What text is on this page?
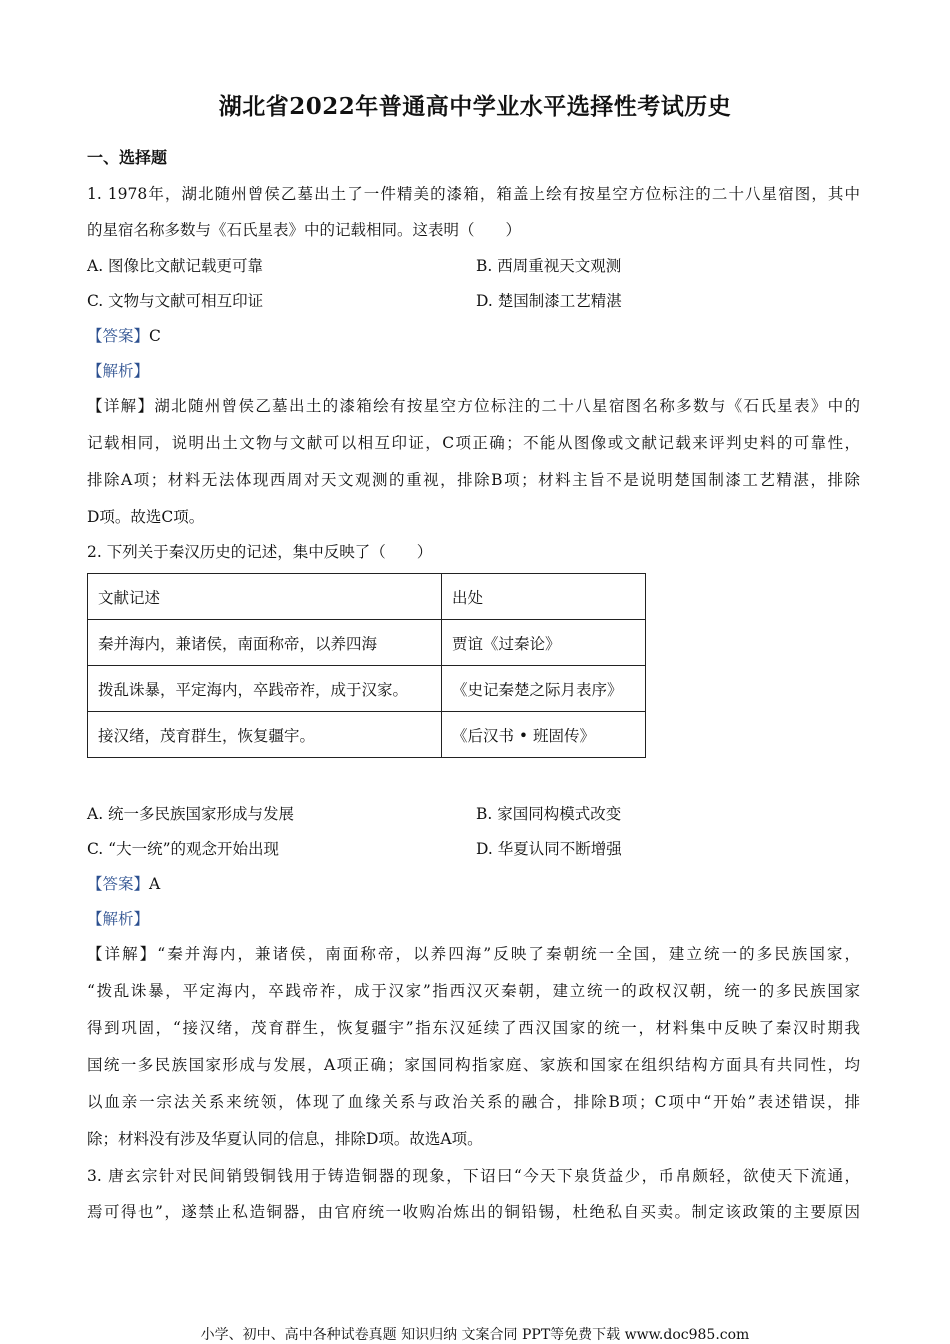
湖北省2022年普通高中学业水平选择性考试历史
一、选择题
1. 1978年，湖北随州曾侯乙墓出土了一件精美的漆箱，箱盖上绘有按星空方位标注的二十八星宿图，其中
的星宿名称多数与《石氏星表》中的记载相同。这表明（　　）
A. 图像比文献记载更可靠	B. 西周重视天文观测
C. 文物与文献可相互印证	D. 楚国制漆工艺精湛
【答案】C
【解析】
【详解】湖北随州曾侯乙墓出土的漆箱绘有按星空方位标注的二十八星宿图名称多数与《石氏星表》中的
记载相同，说明出土文物与文献可以相互印证，C项正确；不能从图像或文献记载来评判史料的可靠性，
排除A项；材料无法体现西周对天文观测的重视，排除B项；材料主旨不是说明楚国制漆工艺精湛，排除
D项。故选C项。
2. 下列关于秦汉历史的记述，集中反映了（　　）
文献记述	出处
秦并海内，兼诸侯，南面称帝，以养四海	贾谊《过秦论》
拨乱诛暴，平定海内，卒践帝祚，成于汉家。	《史记秦楚之际月表序》
接汉绪，茂育群生，恢复疆宇。	《后汉书 • 班固传》
A. 统一多民族国家形成与发展	B. 家国同构模式改变
C. “大一统”的观念开始出现	D. 华夏认同不断增强
【答案】A
【解析】
【详解】“秦并海内，兼诸侯，南面称帝，以养四海”反映了秦朝统一全国，建立统一的多民族国家，
“拨乱诛暴，平定海内，卒践帝祚，成于汉家”指西汉灭秦朝，建立统一的政权汉朝，统一的多民族国家
得到巩固，“接汉绪，茂育群生，恢复疆宇”指东汉延续了西汉国家的统一，材料集中反映了秦汉时期我
国统一多民族国家形成与发展，A项正确；家国同构指家庭、家族和国家在组织结构方面具有共同性，均
以血亲一宗法关系来统领，体现了血缘关系与政治关系的融合，排除B项；C项中“开始”表述错误，排
除；材料没有涉及华夏认同的信息，排除D项。故选A项。
3. 唐玄宗针对民间销毁铜钱用于铸造铜器的现象，下诏曰“今天下泉货益少，币帛颇轻，欲使天下流通，
焉可得也”，遂禁止私造铜器，由官府统一收购冶炼出的铜铅锡，杜绝私自买卖。制定该政策的主要原因
小学、初中、高中各种试卷真题 知识归纳 文案合同 PPT等免费下载 www.doc985.com
